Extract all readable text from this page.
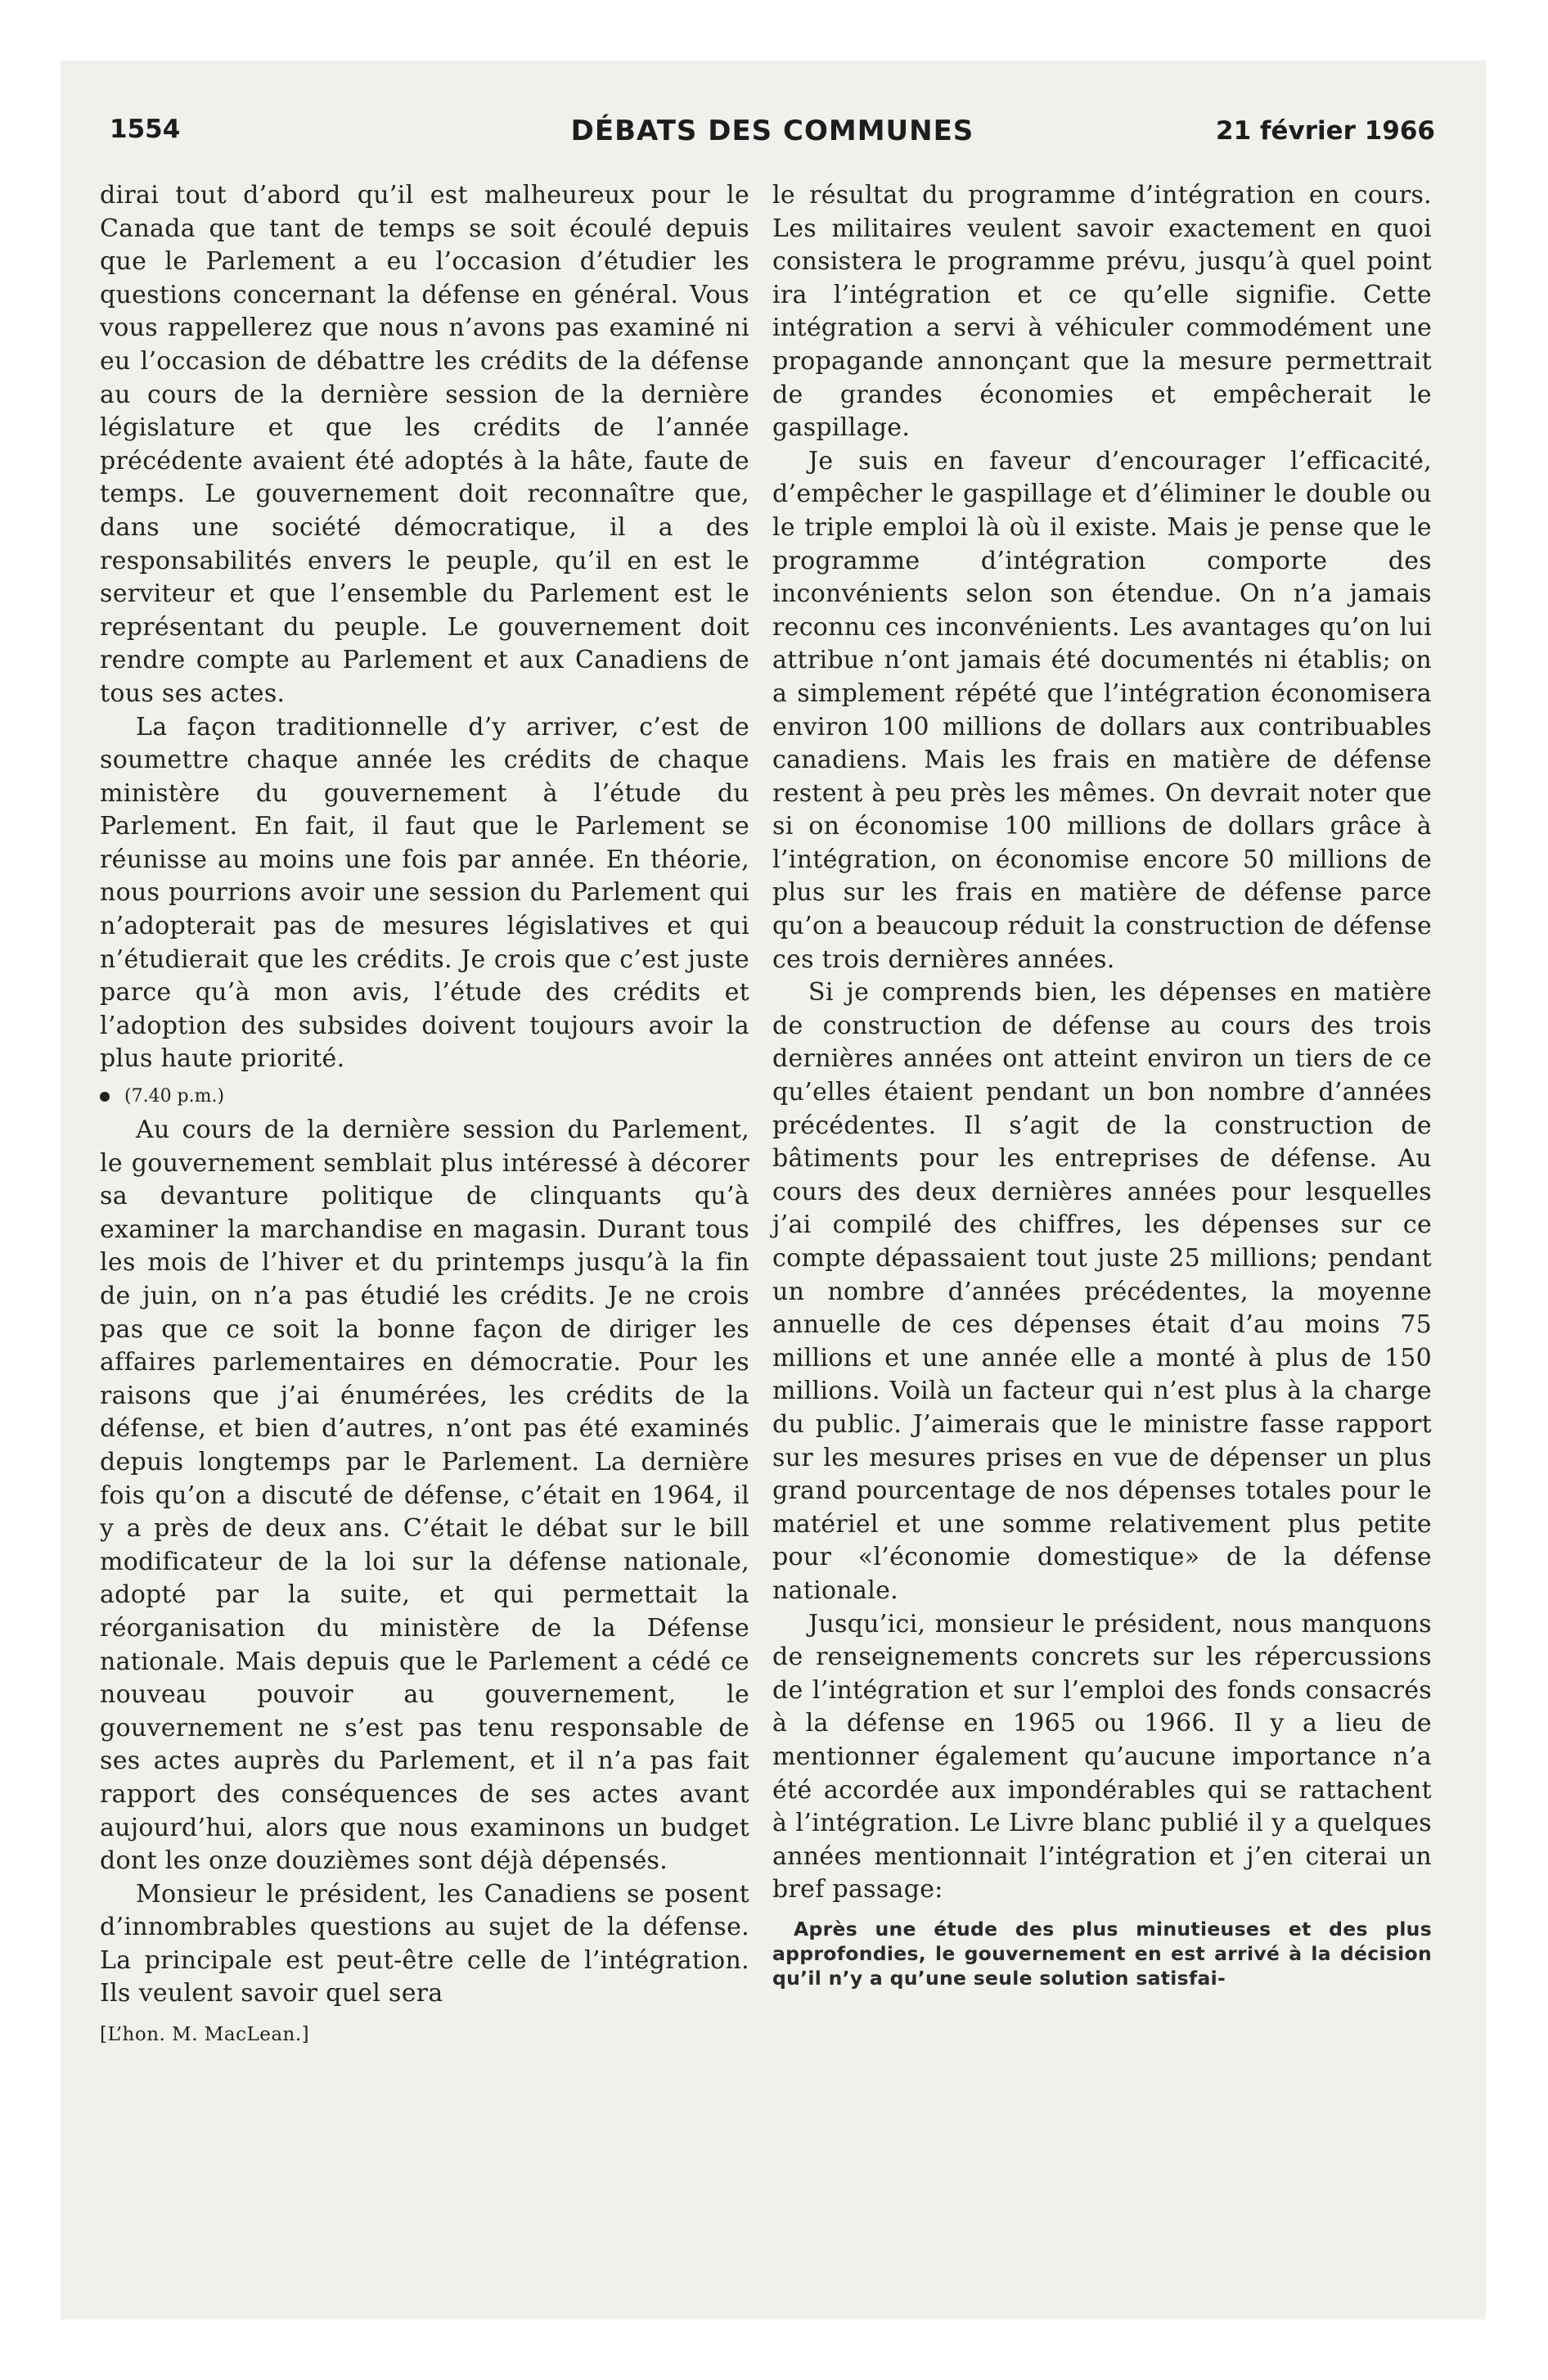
1554	DÉBATS DES COMMUNES	21 février 1966

dirai tout d’abord qu’il est malheureux pour le Canada que tant de temps se soit écoulé depuis que le Parlement a eu l’occasion d’étudier les questions concernant la défense en général. Vous vous rappellerez que nous n’avons pas examiné ni eu l’occasion de débattre les crédits de la défense au cours de la dernière session de la dernière législature et que les crédits de l’année précédente avaient été adoptés à la hâte, faute de temps. Le gouvernement doit reconnaître que, dans une société démocratique, il a des responsabilités envers le peuple, qu’il en est le serviteur et que l’ensemble du Parlement est le représentant du peuple. Le gouvernement doit rendre compte au Parlement et aux Canadiens de tous ses actes.

La façon traditionnelle d’y arriver, c’est de soumettre chaque année les crédits de chaque ministère du gouvernement à l’étude du Parlement. En fait, il faut que le Parlement se réunisse au moins une fois par année. En théorie, nous pourrions avoir une session du Parlement qui n’adopterait pas de mesures législatives et qui n’étudierait que les crédits. Je crois que c’est juste parce qu’à mon avis, l’étude des crédits et l’adoption des subsides doivent toujours avoir la plus haute priorité.

(7.40 p.m.)

Au cours de la dernière session du Parlement, le gouvernement semblait plus intéressé à décorer sa devanture politique de clinquants qu’à examiner la marchandise en magasin. Durant tous les mois de l’hiver et du printemps jusqu’à la fin de juin, on n’a pas étudié les crédits. Je ne crois pas que ce soit la bonne façon de diriger les affaires parlementaires en démocratie. Pour les raisons que j’ai énumérées, les crédits de la défense, et bien d’autres, n’ont pas été examinés depuis longtemps par le Parlement. La dernière fois qu’on a discuté de défense, c’était en 1964, il y a près de deux ans. C’était le débat sur le bill modificateur de la loi sur la défense nationale, adopté par la suite, et qui permettait la réorganisation du ministère de la Défense nationale. Mais depuis que le Parlement a cédé ce nouveau pouvoir au gouvernement, le gouvernement ne s’est pas tenu responsable de ses actes auprès du Parlement, et il n’a pas fait rapport des conséquences de ses actes avant aujourd’hui, alors que nous examinons un budget dont les onze douzièmes sont déjà dépensés.

Monsieur le président, les Canadiens se posent d’innombrables questions au sujet de la défense. La principale est peut-être celle de l’intégration. Ils veulent savoir quel sera

[L’hon. M. MacLean.]

le résultat du programme d’intégration en cours. Les militaires veulent savoir exactement en quoi consistera le programme prévu, jusqu’à quel point ira l’intégration et ce qu’elle signifie. Cette intégration a servi à véhiculer commodément une propagande annonçant que la mesure permettrait de grandes économies et empêcherait le gaspillage.

Je suis en faveur d’encourager l’efficacité, d’empêcher le gaspillage et d’éliminer le double ou le triple emploi là où il existe. Mais je pense que le programme d’intégration comporte des inconvénients selon son étendue. On n’a jamais reconnu ces inconvénients. Les avantages qu’on lui attribue n’ont jamais été documentés ni établis; on a simplement répété que l’intégration économisera environ 100 millions de dollars aux contribuables canadiens. Mais les frais en matière de défense restent à peu près les mêmes. On devrait noter que si on économise 100 millions de dollars grâce à l’intégration, on économise encore 50 millions de plus sur les frais en matière de défense parce qu’on a beaucoup réduit la construction de défense ces trois dernières années.

Si je comprends bien, les dépenses en matière de construction de défense au cours des trois dernières années ont atteint environ un tiers de ce qu’elles étaient pendant un bon nombre d’années précédentes. Il s’agit de la construction de bâtiments pour les entreprises de défense. Au cours des deux dernières années pour lesquelles j’ai compilé des chiffres, les dépenses sur ce compte dépassaient tout juste 25 millions; pendant un nombre d’années précédentes, la moyenne annuelle de ces dépenses était d’au moins 75 millions et une année elle a monté à plus de 150 millions. Voilà un facteur qui n’est plus à la charge du public. J’aimerais que le ministre fasse rapport sur les mesures prises en vue de dépenser un plus grand pourcentage de nos dépenses totales pour le matériel et une somme relativement plus petite pour «l’économie domestique» de la défense nationale.

Jusqu’ici, monsieur le président, nous manquons de renseignements concrets sur les répercussions de l’intégration et sur l’emploi des fonds consacrés à la défense en 1965 ou 1966. Il y a lieu de mentionner également qu’aucune importance n’a été accordée aux impondérables qui se rattachent à l’intégration. Le Livre blanc publié il y a quelques années mentionnait l’intégration et j’en citerai un bref passage:

Après une étude des plus minutieuses et des plus approfondies, le gouvernement en est arrivé à la décision qu’il n’y a qu’une seule solution satisfai-
